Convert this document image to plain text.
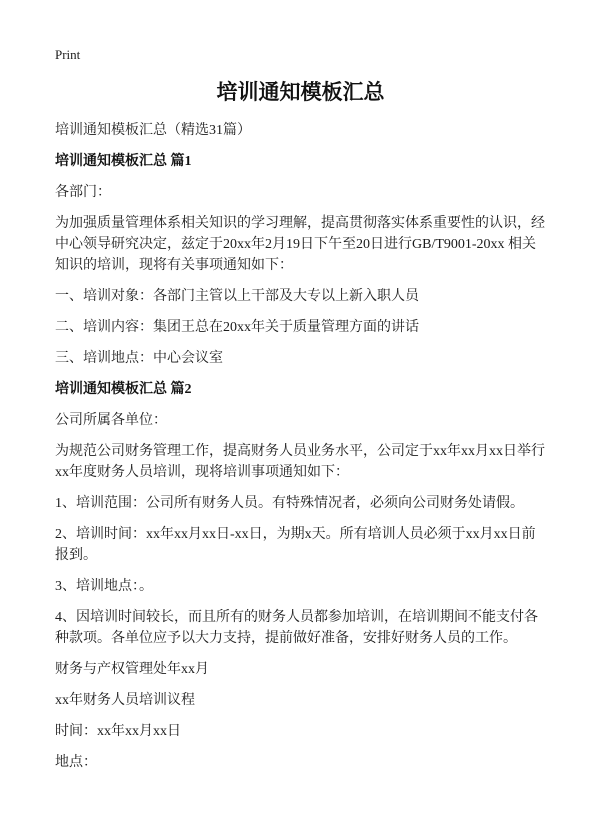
Print
培训通知模板汇总

培训通知模板汇总（精选31篇）

培训通知模板汇总 篇1

各部门：

为加强质量管理体系相关知识的学习理解，提高贯彻落实体系重要性的认识，经中心领导研究决定，兹定于20xx年2月19日下午至20日进行GB/T9001-20xx 相关知识的培训，现将有关事项通知如下：

一、培训对象：各部门主管以上干部及大专以上新入职人员

二、培训内容：集团王总在20xx年关于质量管理方面的讲话

三、培训地点：中心会议室

培训通知模板汇总 篇2

公司所属各单位：

为规范公司财务管理工作，提高财务人员业务水平，公司定于xx年xx月xx日举行xx年度财务人员培训，现将培训事项通知如下：

1、培训范围：公司所有财务人员。有特殊情况者，必须向公司财务处请假。

2、培训时间：xx年xx月xx日-xx日，为期x天。所有培训人员必须于xx月xx日前报到。

3、培训地点：。

4、因培训时间较长，而且所有的财务人员都参加培训，在培训期间不能支付各种款项。各单位应予以大力支持，提前做好准备，安排好财务人员的工作。

财务与产权管理处年xx月

xx年财务人员培训议程

时间：xx年xx月xx日

地点：
